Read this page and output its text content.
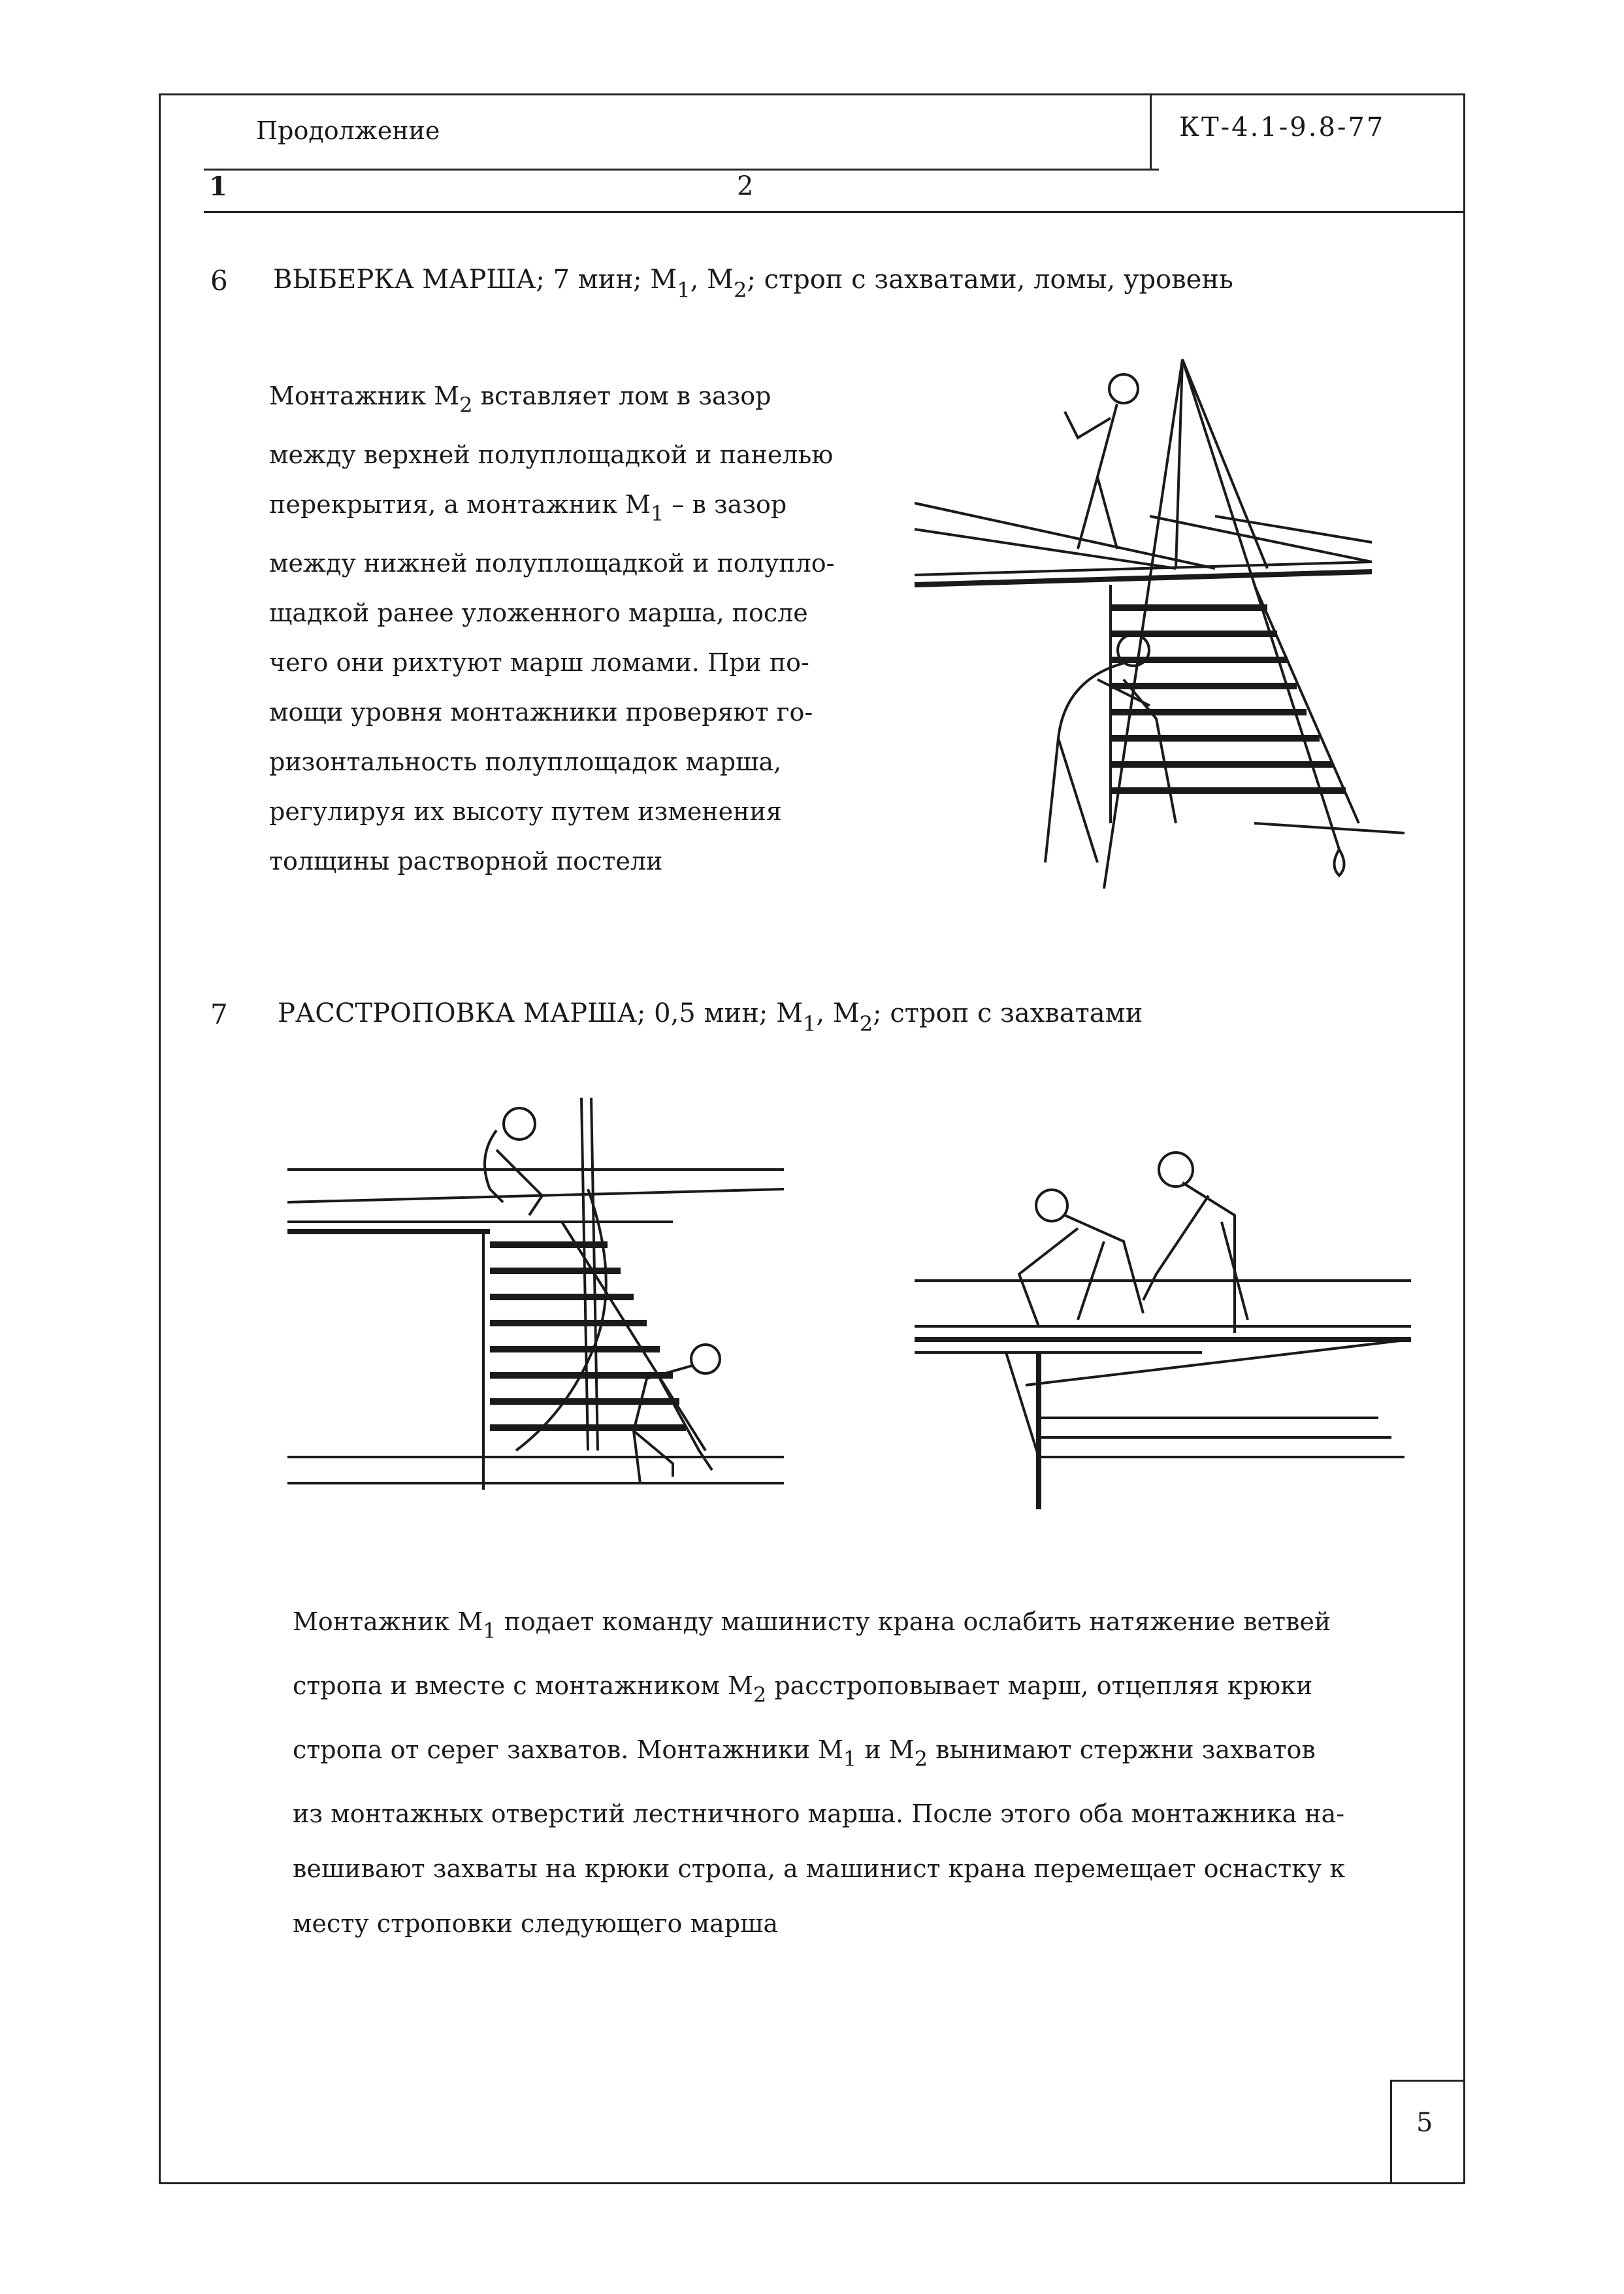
Продолжение	КТ-4.1-9.8-77
1	2
6 ВЫБЕРКА МАРША; 7 мин; $М_1$, $М_2$; строп с захватами, ломы, уровень
Монтажник $М_2$ вставляет лом в зазор
между верхней полуплощадкой и панелью
перекрытия, а монтажник $М_1$ – в зазор
между нижней полуплощадкой и полупло-
щадкой ранее уложенного марша, после
чего они рихтуют марш ломами. При по-
мощи уровня монтажники проверяют го-
ризонтальность полуплощадок марша,
регулируя их высоту путем изменения
толщины растворной постели
7 РАССТРОПОВКА МАРША; 0,5 мин; $М_1$, $М_2$; строп с захватами
Монтажник $М_1$ подает команду машинисту крана ослабить натяжение ветвей
стропа и вместе с монтажником $М_2$ расстроповывает марш, отцепляя крюки
стропа от серег захватов. Монтажники $М_1$ и $М_2$ вынимают стержни захватов
из монтажных отверстий лестничного марша. После этого оба монтажника на-
вешивают захваты на крюки стропа, а машинист крана перемещает оснастку к
месту строповки следующего марша
5
